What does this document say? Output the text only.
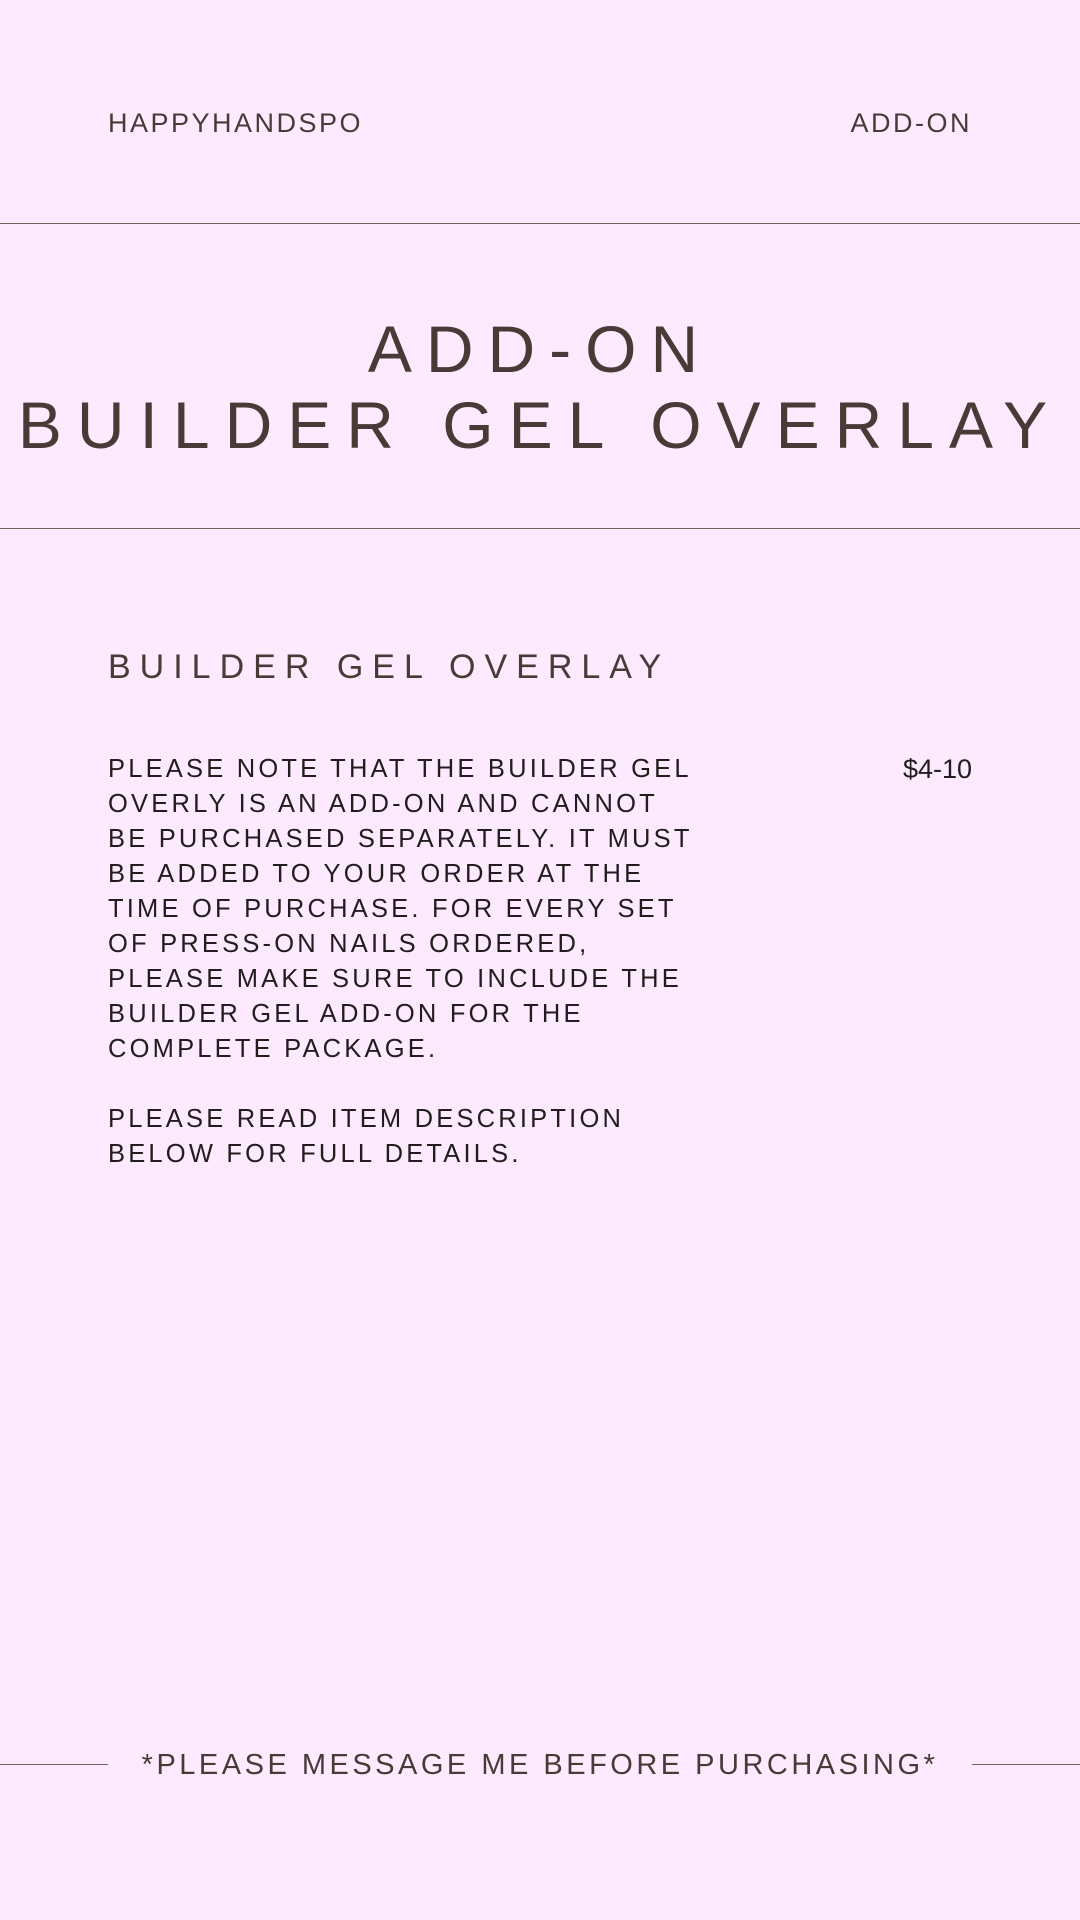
HAPPYHANDSPO	ADD-ON
ADD-ON
BUILDER GEL OVERLAY
BUILDER GEL OVERLAY

PLEASE NOTE THAT THE BUILDER GEL OVERLY IS AN ADD-ON AND CANNOT BE PURCHASED SEPARATELY. IT MUST BE ADDED TO YOUR ORDER AT THE TIME OF PURCHASE. FOR EVERY SET OF PRESS-ON NAILS ORDERED, PLEASE MAKE SURE TO INCLUDE THE BUILDER GEL ADD-ON FOR THE COMPLETE PACKAGE.

PLEASE READ ITEM DESCRIPTION BELOW FOR FULL DETAILS.

$4-10
*PLEASE MESSAGE ME BEFORE PURCHASING*
